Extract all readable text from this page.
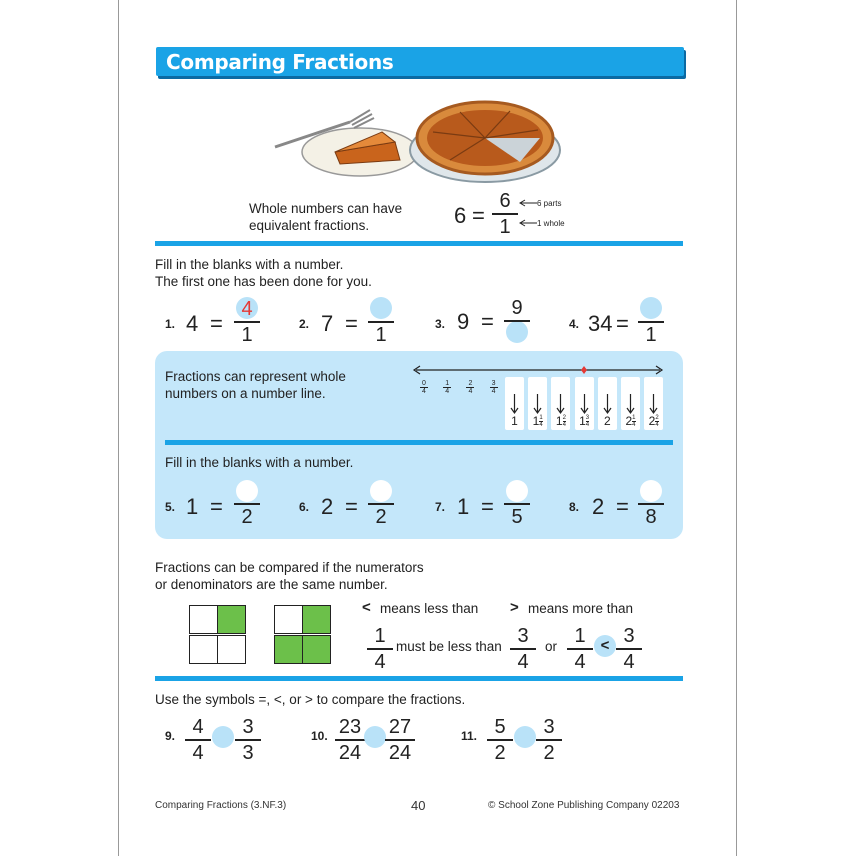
Comparing Fractions
Whole numbers can have
equivalent fractions.	6 =
6
1
6 parts
1 whole
Fill in the blanks with a number.
The first one has been done for you.
1. 4 =
4
1	2. 7 = 1	3. 9 =
9
4. 34 = 1
Fractions can represent whole
numbers on a number line.
0
4
1
4
2
4
3
4
1	$1 \frac{1}{4}$	$1 \frac{2}{4}$	$1 \frac{3}{4}$	2	$2 \frac{1}{4}$	$2 \frac{2}{4}$
Fill in the blanks with a number.
5. 1 = 2	6. 2 = 2	7. 1 = 5	8. 2 = 8
Fractions can be compared if the numerators
or denominators are the same number.
< means less than > means more than
1
4
must be less than 3
4
or 1
4
< 3
4
Use the symbols =, <, or > to compare the fractions.
9. 4
4
3
3
10. 23
24
27
24
11. 5
2
3
2
Comparing Fractions (3.NF.3)	40	© School Zone Publishing Company 02203
